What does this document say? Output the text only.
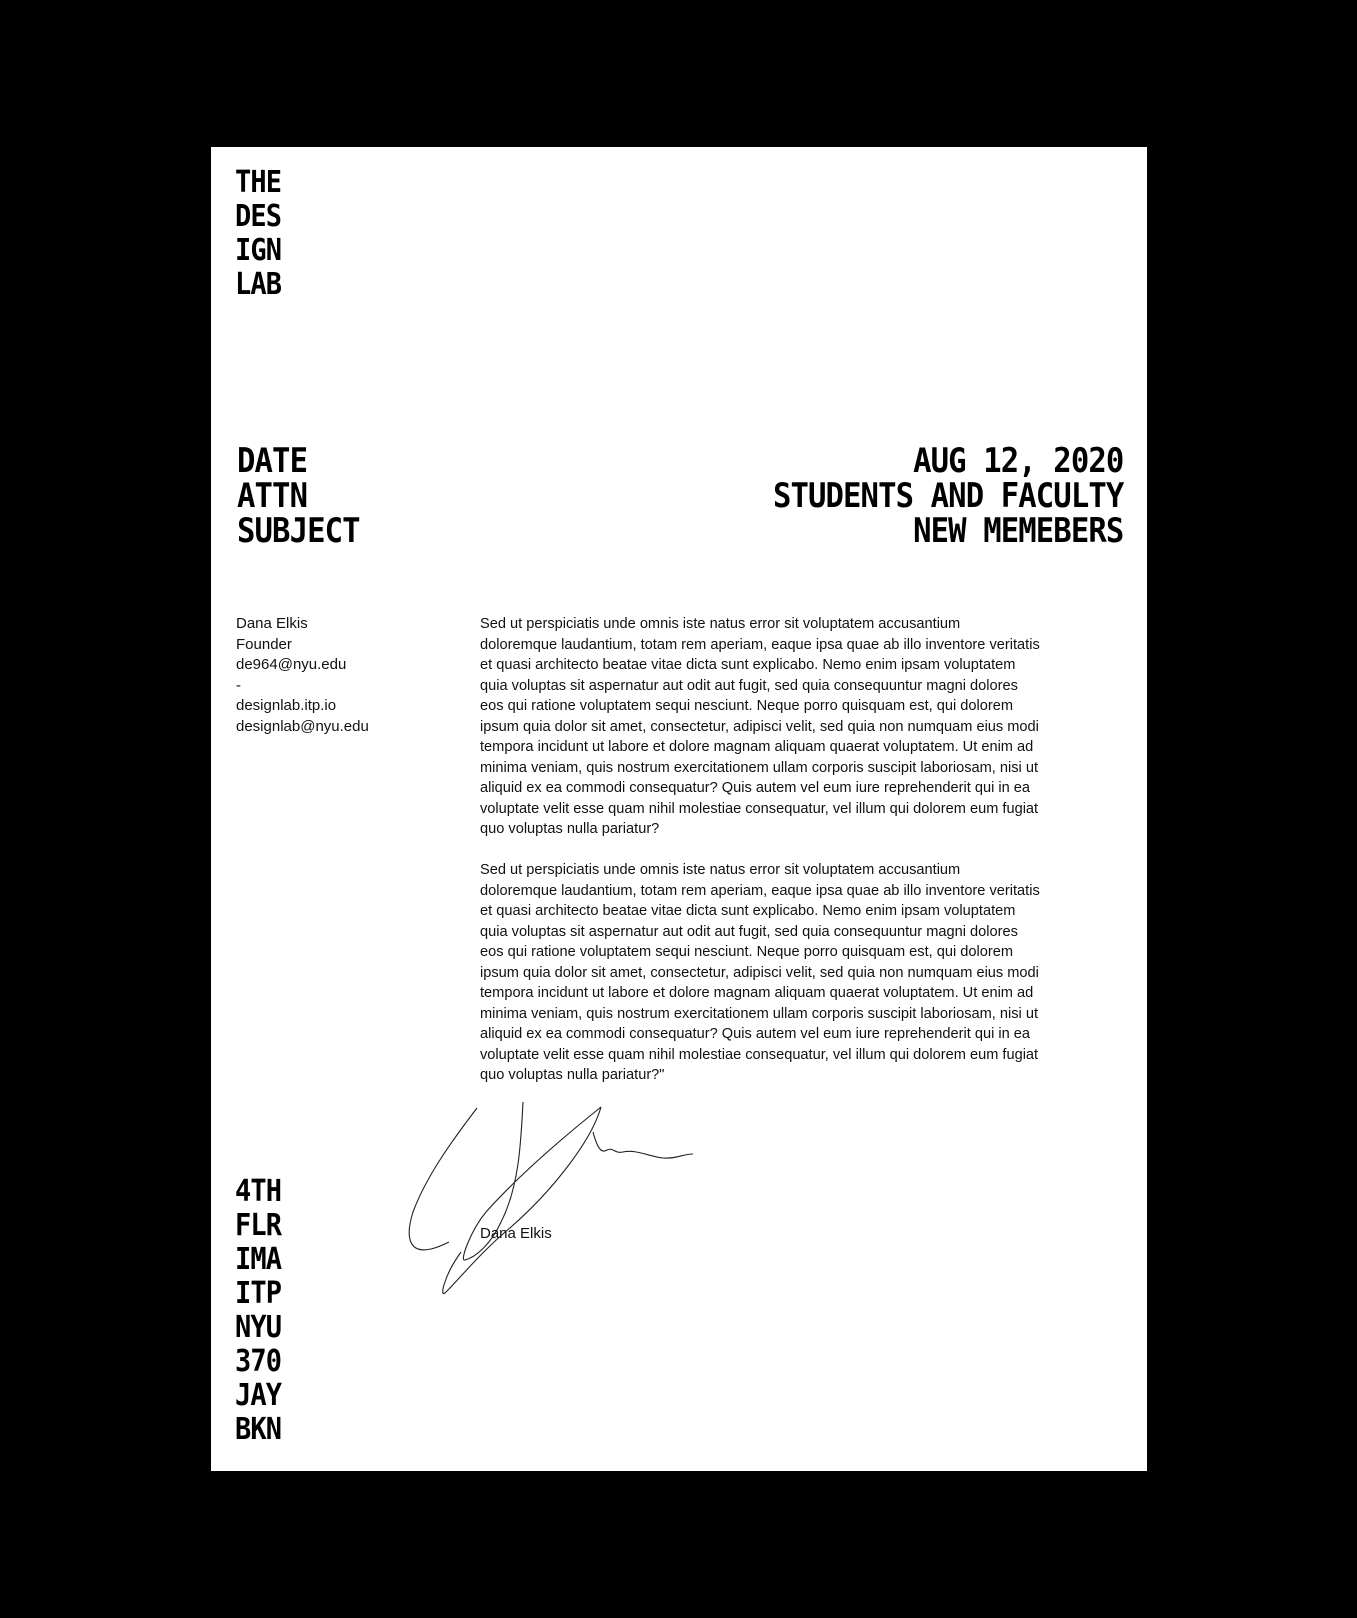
THE
DES
IGN
LAB
DATE
ATTN
SUBJECT
AUG 12, 2020
STUDENTS AND FACULTY
NEW MEMEBERS
Dana Elkis
Founder
de964@nyu.edu
-
designlab.itp.io
designlab@nyu.edu

Sed ut perspiciatis unde omnis iste natus error sit voluptatem accusantium doloremque laudantium, totam rem aperiam, eaque ipsa quae ab illo inventore veritatis et quasi architecto beatae vitae dicta sunt explicabo. Nemo enim ipsam voluptatem quia voluptas sit aspernatur aut odit aut fugit, sed quia consequuntur magni dolores eos qui ratione voluptatem sequi nesciunt. Neque porro quisquam est, qui dolorem ipsum quia dolor sit amet, consectetur, adipisci velit, sed quia non numquam eius modi tempora incidunt ut labore et dolore magnam aliquam quaerat voluptatem. Ut enim ad minima veniam, quis nostrum exercitationem ullam corporis suscipit laboriosam, nisi ut aliquid ex ea commodi consequatur? Quis autem vel eum iure reprehenderit qui in ea voluptate velit esse quam nihil molestiae consequatur, vel illum qui dolorem eum fugiat quo voluptas nulla pariatur?

Sed ut perspiciatis unde omnis iste natus error sit voluptatem accusantium doloremque laudantium, totam rem aperiam, eaque ipsa quae ab illo inventore veritatis et quasi architecto beatae vitae dicta sunt explicabo. Nemo enim ipsam voluptatem quia voluptas sit aspernatur aut odit aut fugit, sed quia consequuntur magni dolores eos qui ratione voluptatem sequi nesciunt. Neque porro quisquam est, qui dolorem ipsum quia dolor sit amet, consectetur, adipisci velit, sed quia non numquam eius modi tempora incidunt ut labore et dolore magnam aliquam quaerat voluptatem. Ut enim ad minima veniam, quis nostrum exercitationem ullam corporis suscipit laboriosam, nisi ut aliquid ex ea commodi consequatur? Quis autem vel eum iure reprehenderit qui in ea voluptate velit esse quam nihil molestiae consequatur, vel illum qui dolorem eum fugiat quo voluptas nulla pariatur?"

Dana Elkis
4TH
FLR
IMA
ITP
NYU
370
JAY
BKN
